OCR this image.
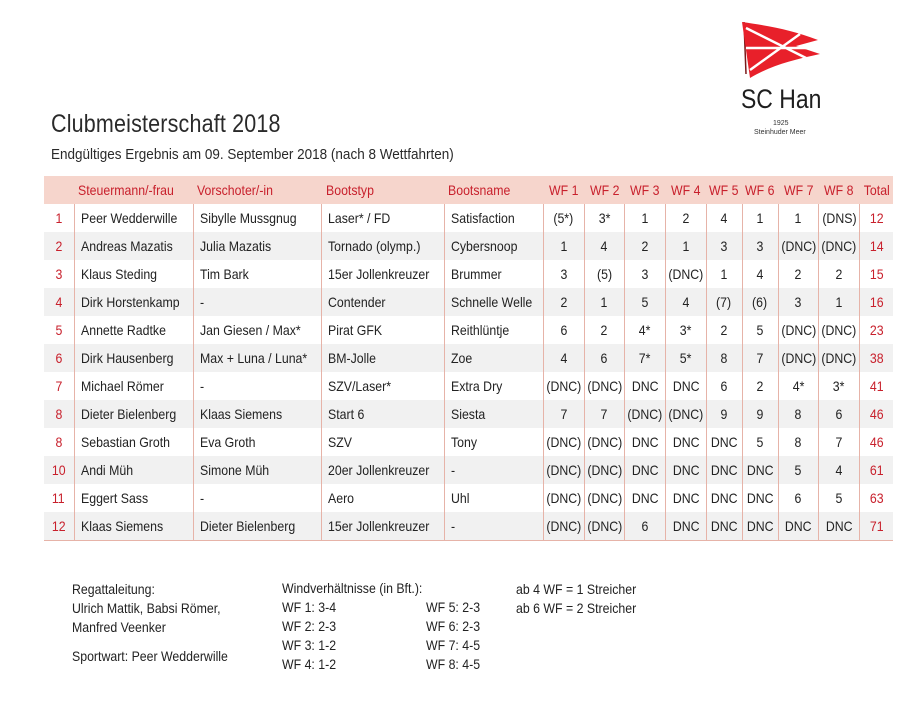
Clubmeisterschaft 2018
Endgültiges Ergebnis am 09. September 2018 (nach 8 Wettfahrten)
SC Han
1925
Steinhuder Meer
	Steuermann/-frau	Vorschoter/-in	Bootstyp	Bootsname	WF 1	WF 2	WF 3	WF 4	WF 5	WF 6	WF 7	WF 8	Total
1	Peer Wedderwille	Sibylle Mussgnug	Laser* / FD	Satisfaction	(5*)	3*	1	2	4	1	1	(DNS)	12
2	Andreas Mazatis	Julia Mazatis	Tornado (olymp.)	Cybersnoop	1	4	2	1	3	3	(DNC)	(DNC)	14
3	Klaus Steding	Tim Bark	15er Jollenkreuzer	Brummer	3	(5)	3	(DNC)	1	4	2	2	15
4	Dirk Horstenkamp	-	Contender	Schnelle Welle	2	1	5	4	(7)	(6)	3	1	16
5	Annette Radtke	Jan Giesen / Max*	Pirat GFK	Reithlüntje	6	2	4*	3*	2	5	(DNC)	(DNC)	23
6	Dirk Hausenberg	Max + Luna / Luna*	BM-Jolle	Zoe	4	6	7*	5*	8	7	(DNC)	(DNC)	38
7	Michael Römer	-	SZV/Laser*	Extra Dry	(DNC)	(DNC)	DNC	DNC	6	2	4*	3*	41
8	Dieter Bielenberg	Klaas Siemens	Start 6	Siesta	7	7	(DNC)	(DNC)	9	9	8	6	46
8	Sebastian Groth	Eva Groth	SZV	Tony	(DNC)	(DNC)	DNC	DNC	DNC	5	8	7	46
10	Andi Müh	Simone Müh	20er Jollenkreuzer	-	(DNC)	(DNC)	DNC	DNC	DNC	DNC	5	4	61
11	Eggert Sass	-	Aero	Uhl	(DNC)	(DNC)	DNC	DNC	DNC	DNC	6	5	63
12	Klaas Siemens	Dieter Bielenberg	15er Jollenkreuzer	-	(DNC)	(DNC)	6	DNC	DNC	DNC	DNC	DNC	71
Regattaleitung:
Ulrich Mattik, Babsi Römer,
Manfred Veenker
Sportwart: Peer Wedderwille
Windverhältnisse (in Bft.):
WF 1: 3-4
WF 2: 2-3
WF 3: 1-2
WF 4: 1-2
WF 5: 2-3
WF 6: 2-3
WF 7: 4-5
WF 8: 4-5
ab 4 WF = 1 Streicher
ab 6 WF = 2 Streicher
